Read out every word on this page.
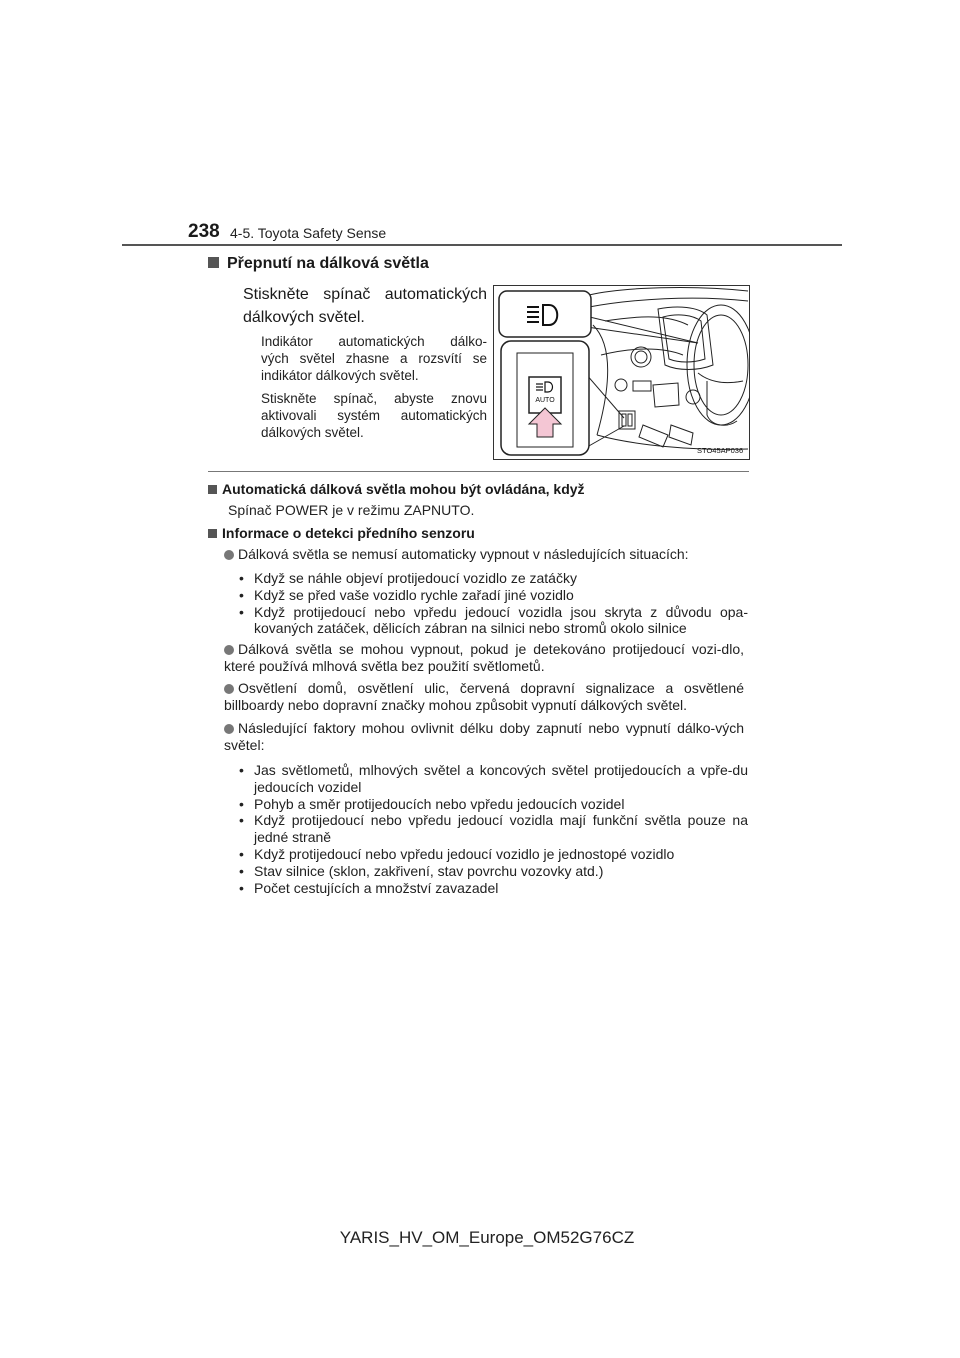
238 4-5. Toyota Safety Sense
Přepnutí na dálková světla
Stiskněte spínač automatických
dálkových světel.
Indikátor automatických dálko-
vých světel zhasne a rozsvítí se
indikátor dálkových světel.
Stiskněte spínač, abyste znovu
aktivovali systém automatických
dálkových světel.
AUTO
STO45AP036
Automatická dálková světla mohou být ovládána, když
Spínač POWER je v režimu ZAPNUTO.
Informace o detekci předního senzoru
Dálková světla se nemusí automaticky vypnout v následujících situacích:
• Když se náhle objeví protijedoucí vozidlo ze zatáčky
• Když se před vaše vozidlo rychle zařadí jiné vozidlo
• Když protijedoucí nebo vpředu jedoucí vozidla jsou skryta z důvodu opa-kovaných zatáček, dělicích zábran na silnici nebo stromů okolo silnice
Dálková světla se mohou vypnout, pokud je detekováno protijedoucí vozi-dlo, které používá mlhová světla bez použití světlometů.
Osvětlení domů, osvětlení ulic, červená dopravní signalizace a osvětlené billboardy nebo dopravní značky mohou způsobit vypnutí dálkových světel.
Následující faktory mohou ovlivnit délku doby zapnutí nebo vypnutí dálko-vých světel:
• Jas světlometů, mlhových světel a koncových světel protijedoucích a vpře-du jedoucích vozidel
• Pohyb a směr protijedoucích nebo vpředu jedoucích vozidel
• Když protijedoucí nebo vpředu jedoucí vozidla mají funkční světla pouze na jedné straně
• Když protijedoucí nebo vpředu jedoucí vozidlo je jednostopé vozidlo
• Stav silnice (sklon, zakřivení, stav povrchu vozovky atd.)
• Počet cestujících a množství zavazadel
YARIS_HV_OM_Europe_OM52G76CZ
